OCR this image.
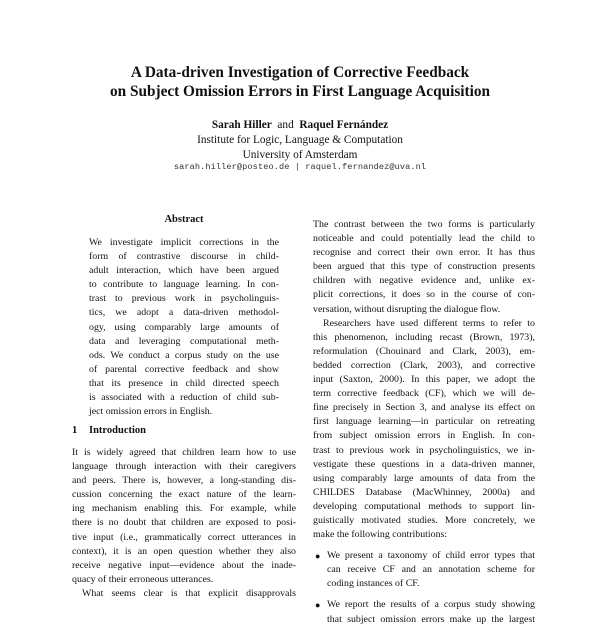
A Data-driven Investigation of Corrective Feedback
on Subject Omission Errors in First Language Acquisition
Sarah Hiller and Raquel Fernández
Institute for Logic, Language & Computation
University of Amsterdam
sarah.hiller@posteo.de | raquel.fernandez@uva.nl
Abstract
We investigate implicit corrections in the
form of contrastive discourse in child-
adult interaction, which have been argued
to contribute to language learning. In con-
trast to previous work in psycholinguis-
tics, we adopt a data-driven methodol-
ogy, using comparably large amounts of
data and leveraging computational meth-
ods. We conduct a corpus study on the use
of parental corrective feedback and show
that its presence in child directed speech
is associated with a reduction of child sub-
ject omission errors in English.
1 Introduction
It is widely agreed that children learn how to use
language through interaction with their caregivers
and peers. There is, however, a long-standing dis-
cussion concerning the exact nature of the learn-
ing mechanism enabling this. For example, while
there is no doubt that children are exposed to posi-
tive input (i.e., grammatically correct utterances in
context), it is an open question whether they also
receive negative input—evidence about the inade-
quacy of their erroneous utterances.
What seems clear is that explicit disapprovals
The contrast between the two forms is particularly
noticeable and could potentially lead the child to
recognise and correct their own error. It has thus
been argued that this type of construction presents
children with negative evidence and, unlike ex-
plicit corrections, it does so in the course of con-
versation, without disrupting the dialogue flow.
Researchers have used different terms to refer to
this phenomenon, including recast (Brown, 1973),
reformulation (Chouinard and Clark, 2003), em-
bedded correction (Clark, 2003), and corrective
input (Saxton, 2000). In this paper, we adopt the
term corrective feedback (CF), which we will de-
fine precisely in Section 3, and analyse its effect on
first language learning—in particular on retreating
from subject omission errors in English. In con-
trast to previous work in psycholinguistics, we in-
vestigate these questions in a data-driven manner,
using comparably large amounts of data from the
CHILDES Database (MacWhinney, 2000a) and
developing computational methods to support lin-
guistically motivated studies. More concretely, we
make the following contributions:
● We present a taxonomy of child error types that
can receive CF and an annotation scheme for
coding instances of CF.
● We report the results of a corpus study showing
that subject omission errors make up the largest
